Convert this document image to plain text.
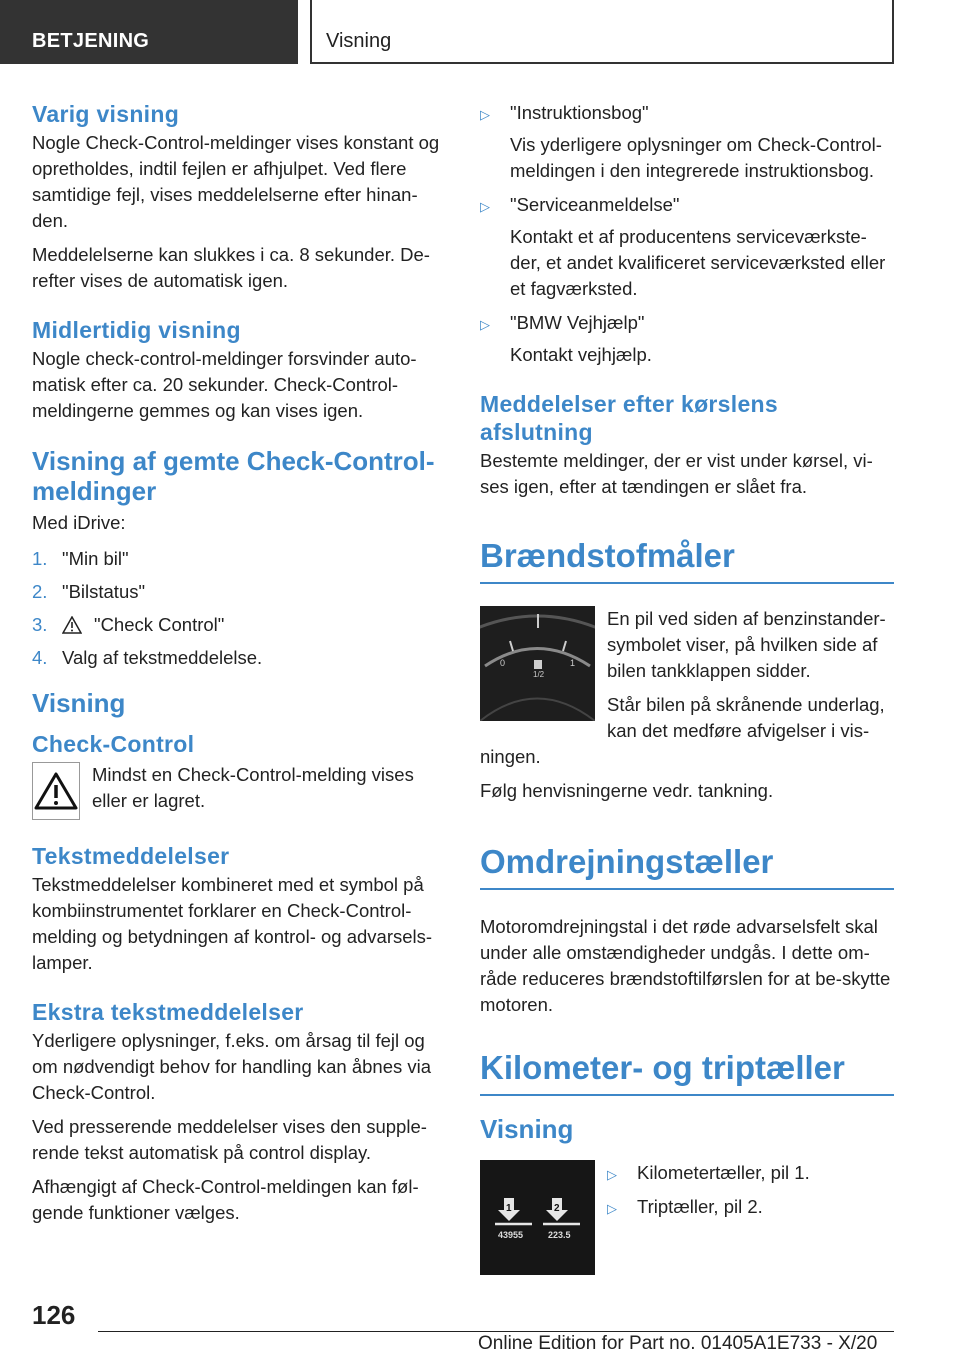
BETJENING	Visning
Varig visning

Nogle Check-Control-meldinger vises konstant og opretholdes, indtil fejlen er afhjulpet. Ved flere samtidige fejl, vises meddelelserne efter hinan-den.

Meddelelserne kan slukkes i ca. 8 sekunder. De-refter vises de automatisk igen.

Midlertidig visning

Nogle check-control-meldinger forsvinder auto-matisk efter ca. 20 sekunder. Check-Control-meldingerne gemmes og kan vises igen.

Visning af gemte Check-Control-meldinger

Med iDrive:

1. "Min bil"
2. "Bilstatus"
3.	"Check Control"
4. Valg af tekstmeddelelse.
Visning
Check-Control

Mindst en Check-Control-melding vises eller er lagret.

Tekstmeddelelser

Tekstmeddelelser kombineret med et symbol på kombiinstrumentet forklarer en Check-Control-melding og betydningen af kontrol- og advarsels-lamper.

Ekstra tekstmeddelelser

Yderligere oplysninger, f.eks. om årsag til fejl og om nødvendigt behov for handling kan åbnes via Check-Control.

Ved presserende meddelelser vises den supple-rende tekst automatisk på control display.

Afhængigt af Check-Control-meldingen kan føl-gende funktioner vælges.

▷	"Instruktionsbog"

Vis yderligere oplysninger om Check-Control-meldingen i den integrerede instruktionsbog.

▷	"Serviceanmeldelse"

Kontakt et af producentens serviceværkste-der, et andet kvalificeret serviceværksted eller et fagværksted.

▷	"BMW Vejhjælp"

Kontakt vejhjælp.

Meddelelser efter kørslens afslutning

Bestemte meldinger, der er vist under kørsel, vi-ses igen, efter at tændingen er slået fra.

Brændstofmåler
0	1
1/2

En pil ved siden af benzinstander-symbolet viser, på hvilken side af bilen tankklappen sidder.

Står bilen på skrånende underlag, kan det medføre afvigelser i vis-

ningen.

Følg henvisningerne vedr. tankning.

Omdrejningstæller

Motoromdrejningstal i det røde advarselsfelt skal under alle omstændigheder undgås. I dette om-råde reduceres brændstoftilførslen for at be-skytte motoren.

Kilometer- og triptæller
Visning
1	2
43955	223.5
▷	Kilometertæller, pil 1.

▷	Triptæller, pil 2.

126
Online Edition for Part no. 01405A1E733 - X/20
